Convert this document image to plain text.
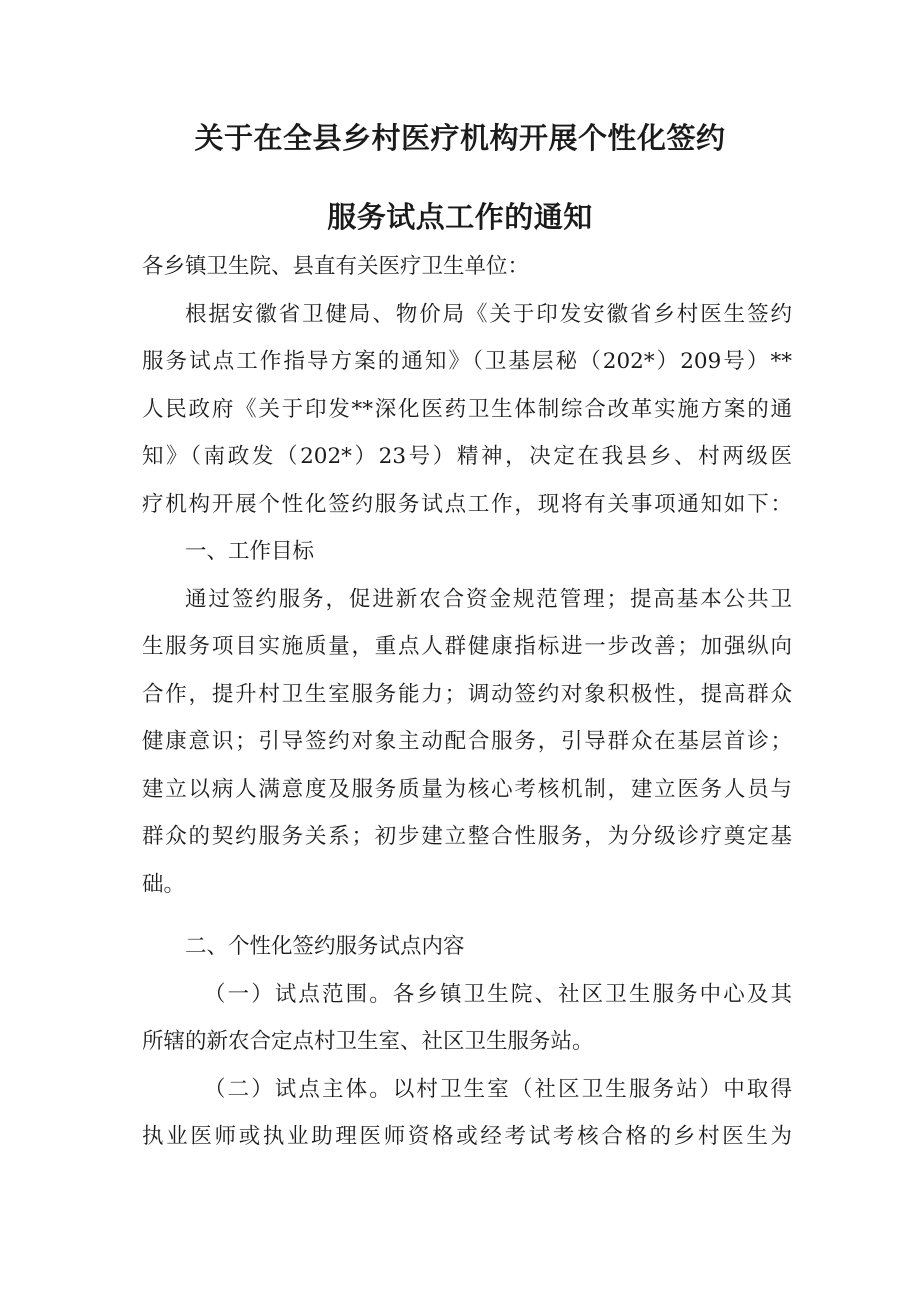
关于在全县乡村医疗机构开展个性化签约
服务试点工作的通知
各乡镇卫生院、县直有关医疗卫生单位：
根据安徽省卫健局、物价局《关于印发安徽省乡村医生签约
服务试点工作指导方案的通知》（卫基层秘（202*）209号）**
人民政府《关于印发**深化医药卫生体制综合改革实施方案的通
知》（南政发（202*）23号）精神，决定在我县乡、村两级医
疗机构开展个性化签约服务试点工作，现将有关事项通知如下：
一、工作目标
通过签约服务，促进新农合资金规范管理；提高基本公共卫
生服务项目实施质量，重点人群健康指标进一步改善；加强纵向
合作，提升村卫生室服务能力；调动签约对象积极性，提高群众
健康意识；引导签约对象主动配合服务，引导群众在基层首诊；
建立以病人满意度及服务质量为核心考核机制，建立医务人员与
群众的契约服务关系；初步建立整合性服务，为分级诊疗奠定基
础。
二、个性化签约服务试点内容
（一）试点范围。各乡镇卫生院、社区卫生服务中心及其
所辖的新农合定点村卫生室、社区卫生服务站。
（二）试点主体。以村卫生室（社区卫生服务站）中取得
执业医师或执业助理医师资格或经考试考核合格的乡村医生为
